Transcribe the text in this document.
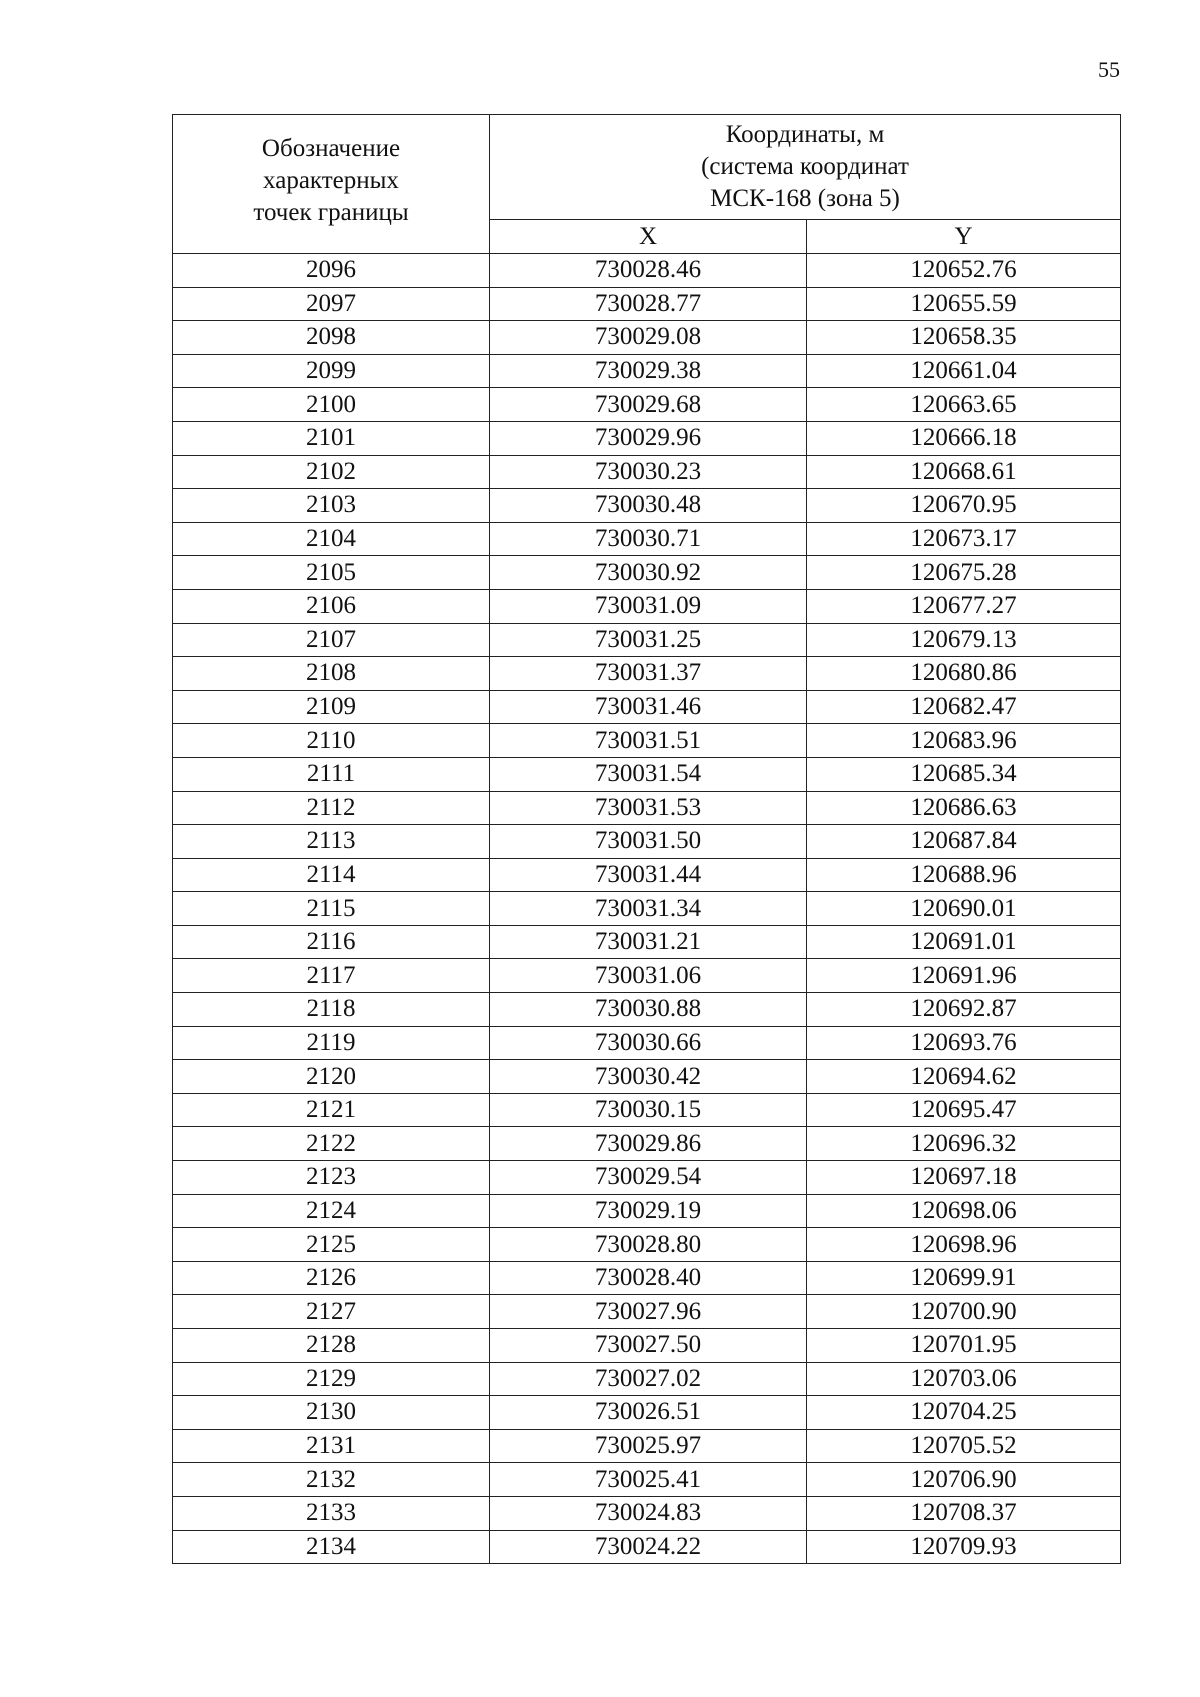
55
Обозначение
характерных
точек границы	Координаты, м
(система координат
МСК-168 (зона 5)	

	X	Y
2096	730028.46	120652.76
2097	730028.77	120655.59
2098	730029.08	120658.35
2099	730029.38	120661.04
2100	730029.68	120663.65
2101	730029.96	120666.18
2102	730030.23	120668.61
2103	730030.48	120670.95
2104	730030.71	120673.17
2105	730030.92	120675.28
2106	730031.09	120677.27
2107	730031.25	120679.13
2108	730031.37	120680.86
2109	730031.46	120682.47
2110	730031.51	120683.96
2111	730031.54	120685.34
2112	730031.53	120686.63
2113	730031.50	120687.84
2114	730031.44	120688.96
2115	730031.34	120690.01
2116	730031.21	120691.01
2117	730031.06	120691.96
2118	730030.88	120692.87
2119	730030.66	120693.76
2120	730030.42	120694.62
2121	730030.15	120695.47
2122	730029.86	120696.32
2123	730029.54	120697.18
2124	730029.19	120698.06
2125	730028.80	120698.96
2126	730028.40	120699.91
2127	730027.96	120700.90
2128	730027.50	120701.95
2129	730027.02	120703.06
2130	730026.51	120704.25
2131	730025.97	120705.52
2132	730025.41	120706.90
2133	730024.83	120708.37
2134	730024.22	120709.93
